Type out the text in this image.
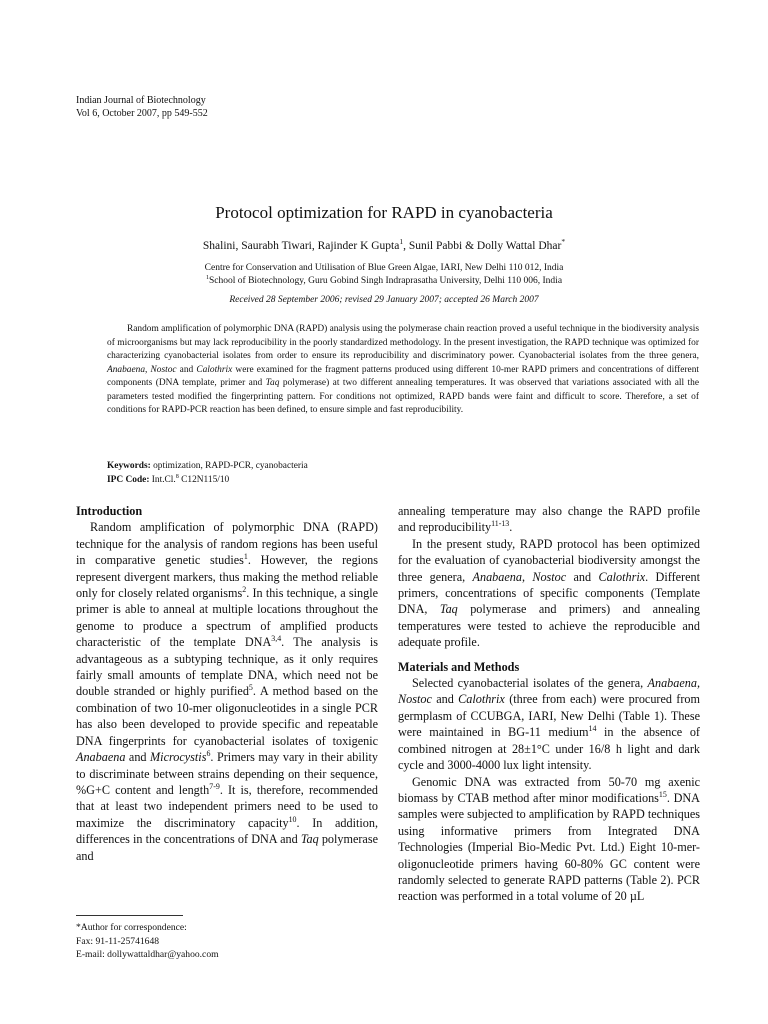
Indian Journal of Biotechnology
Vol 6, October 2007, pp 549-552
Protocol optimization for RAPD in cyanobacteria
Shalini, Saurabh Tiwari, Rajinder K Gupta$^1$, Sunil Pabbi & Dolly Wattal Dhar*
Centre for Conservation and Utilisation of Blue Green Algae, IARI, New Delhi 110 012, India
$^1$School of Biotechnology, Guru Gobind Singh Indraprasatha University, Delhi 110 006, India
Received 28 September 2006; revised 29 January 2007; accepted 26 March 2007
Random amplification of polymorphic DNA (RAPD) analysis using the polymerase chain reaction proved a useful technique in the biodiversity analysis of microorganisms but may lack reproducibility in the poorly standardized methodology. In the present investigation, the RAPD technique was optimized for characterizing cyanobacterial isolates from order to ensure its reproducibility and discriminatory power. Cyanobacterial isolates from the three genera, Anabaena, Nostoc and Calothrix were examined for the fragment patterns produced using different 10-mer RAPD primers and concentrations of different components (DNA template, primer and Taq polymerase) at two different annealing temperatures. It was observed that variations associated with all the parameters tested modified the fingerprinting pattern. For conditions not optimized, RAPD bands were faint and difficult to score. Therefore, a set of conditions for RAPD-PCR reaction has been defined, to ensure simple and fast reproducibility.
Keywords: optimization, RAPD-PCR, cyanobacteria
IPC Code: Int.Cl.$^8$ C12N115/10
Introduction

Random amplification of polymorphic DNA (RAPD) technique for the analysis of random regions has been useful in comparative genetic studies$^1$. However, the regions represent divergent markers, thus making the method reliable only for closely related organisms$^2$. In this technique, a single primer is able to anneal at multiple locations throughout the genome to produce a spectrum of amplified products characteristic of the template DNA$^{3,4}$. The analysis is advantageous as a subtyping technique, as it only requires fairly small amounts of template DNA, which need not be double stranded or highly purified$^5$. A method based on the combination of two 10-mer oligonucleotides in a single PCR has also been developed to provide specific and repeatable DNA fingerprints for cyanobacterial isolates of toxigenic Anabaena and Microcystis$^6$. Primers may vary in their ability to discriminate between strains depending on their sequence, %G+C content and length$^{7-9}$. It is, therefore, recommended that at least two independent primers need to be used to maximize the discriminatory capacity$^{10}$. In addition, differences in the concentrations of DNA and Taq polymerase and

annealing temperature may also change the RAPD profile and reproducibility$^{11-13}$.

In the present study, RAPD protocol has been optimized for the evaluation of cyanobacterial biodiversity amongst the three genera, Anabaena, Nostoc and Calothrix. Different primers, concentrations of specific components (Template DNA, Taq polymerase and primers) and annealing temperatures were tested to achieve the reproducible and adequate profile.

Materials and Methods

Selected cyanobacterial isolates of the genera, Anabaena, Nostoc and Calothrix (three from each) were procured from germplasm of CCUBGA, IARI, New Delhi (Table 1). These were maintained in BG-11 medium$^{14}$ in the absence of combined nitrogen at 28±1°C under 16/8 h light and dark cycle and 3000-4000 lux light intensity.

Genomic DNA was extracted from 50-70 mg axenic biomass by CTAB method after minor modifications$^{15}$. DNA samples were subjected to amplification by RAPD techniques using informative primers from Integrated DNA Technologies (Imperial Bio-Medic Pvt. Ltd.) Eight 10-mer-oligonucleotide primers having 60-80% GC content were randomly selected to generate RAPD patterns (Table 2). PCR reaction was performed in a total volume of 20 µL

*Author for correspondence:
Fax: 91-11-25741648
E-mail: dollywattaldhar@yahoo.com
